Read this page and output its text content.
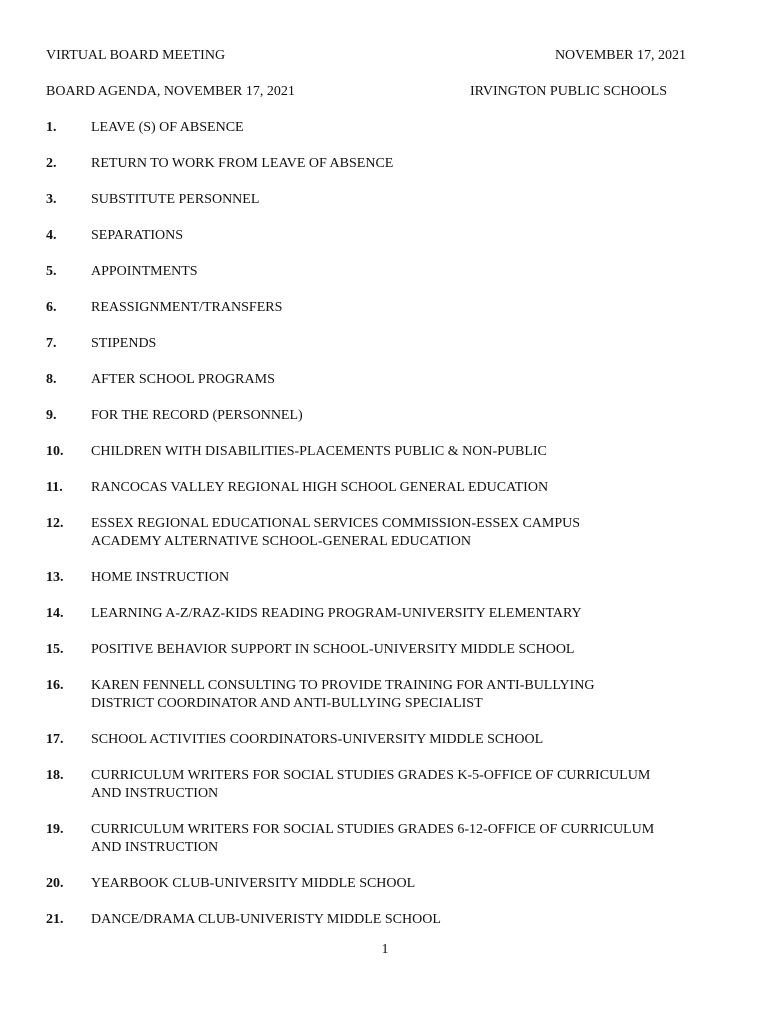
VIRTUAL BOARD MEETING	NOVEMBER 17, 2021
BOARD AGENDA, NOVEMBER 17, 2021	IRVINGTON PUBLIC SCHOOLS
1.	LEAVE (S) OF ABSENCE
2.	RETURN TO WORK FROM LEAVE OF ABSENCE
3.	SUBSTITUTE PERSONNEL
4.	SEPARATIONS
5.	APPOINTMENTS
6.	REASSIGNMENT/TRANSFERS
7.	STIPENDS
8.	AFTER SCHOOL PROGRAMS
9.	FOR THE RECORD (PERSONNEL)
10.	CHILDREN WITH DISABILITIES-PLACEMENTS PUBLIC & NON-PUBLIC
11.	RANCOCAS VALLEY REGIONAL HIGH SCHOOL GENERAL EDUCATION
12.	ESSEX REGIONAL EDUCATIONAL SERVICES COMMISSION-ESSEX CAMPUS
ACADEMY ALTERNATIVE SCHOOL-GENERAL EDUCATION
13.	HOME INSTRUCTION
14.	LEARNING A-Z/RAZ-KIDS READING PROGRAM-UNIVERSITY ELEMENTARY
15.	POSITIVE BEHAVIOR SUPPORT IN SCHOOL-UNIVERSITY MIDDLE SCHOOL
16.	KAREN FENNELL CONSULTING TO PROVIDE TRAINING FOR ANTI-BULLYING
DISTRICT COORDINATOR AND ANTI-BULLYING SPECIALIST
17.	SCHOOL ACTIVITIES COORDINATORS-UNIVERSITY MIDDLE SCHOOL
18.	CURRICULUM WRITERS FOR SOCIAL STUDIES GRADES K-5-OFFICE OF CURRICULUM
AND INSTRUCTION
19.	CURRICULUM WRITERS FOR SOCIAL STUDIES GRADES 6-12-OFFICE OF CURRICULUM
AND INSTRUCTION
20.	YEARBOOK CLUB-UNIVERSITY MIDDLE SCHOOL
21.	DANCE/DRAMA CLUB-UNIVERISTY MIDDLE SCHOOL
1
